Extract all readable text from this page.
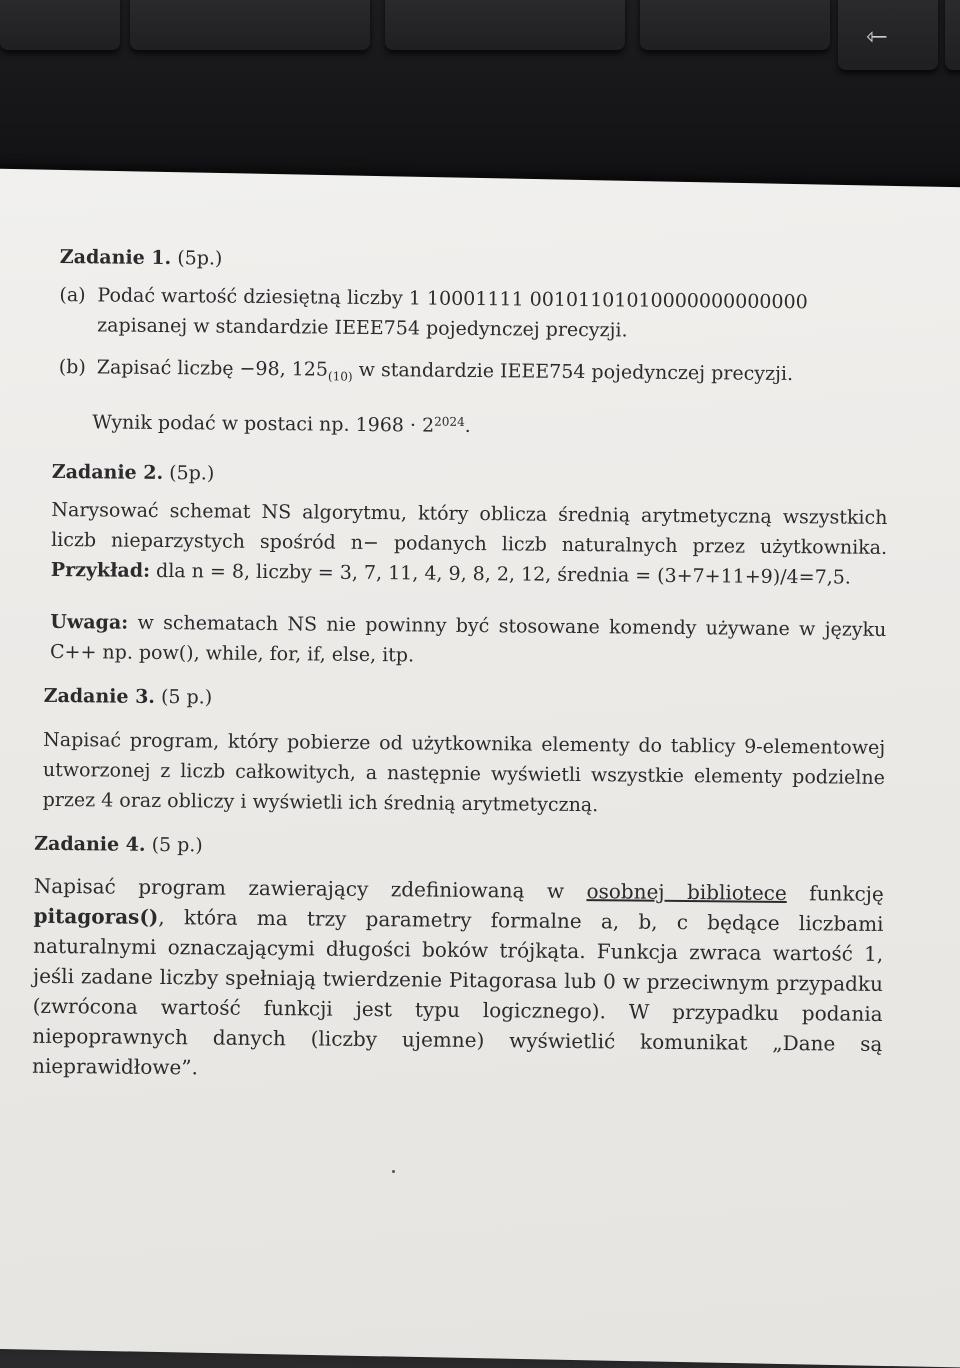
⇽
Zadanie 1. (5p.)
(a) Podać wartość dziesiętną liczby 1 10001111 00101101010000000000000 zapisanej w standardzie IEEE754 pojedynczej precyzji.
(b) Zapisać liczbę −98, $125_{(10)}$ w standardzie IEEE754 pojedynczej precyzji.
Wynik podać w postaci np. $1968 \cdot 2^{2024}$.
Zadanie 2. (5p.)

Narysować schemat NS algorytmu, który oblicza średnią arytmetyczną wszystkich liczb nieparzystych spośród n− podanych liczb naturalnych przez użytkownika. Przykład: dla n = 8, liczby = 3, 7, 11, 4, 9, 8, 2, 12, średnia = (3+7+11+9)/4=7,5.

Uwaga: w schematach NS nie powinny być stosowane komendy używane w języku C++ np. pow(), while, for, if, else, itp.

Zadanie 3. (5 p.)

Napisać program, który pobierze od użytkownika elementy do tablicy 9-elementowej utworzonej z liczb całkowitych, a następnie wyświetli wszystkie elementy podzielne przez 4 oraz obliczy i wyświetli ich średnią arytmetyczną.

Zadanie 4. (5 p.)

Napisać program zawierający zdefiniowaną w osobnej bibliotece funkcję pitagoras(), która ma trzy parametry formalne a, b, c będące liczbami naturalnymi oznaczającymi długości boków trójkąta. Funkcja zwraca wartość 1, jeśli zadane liczby spełniają twierdzenie Pitagorasa lub 0 w przeciwnym przypadku (zwrócona wartość funkcji jest typu logicznego). W przypadku podania niepoprawnych danych (liczby ujemne) wyświetlić komunikat „Dane są nieprawidłowe”.
